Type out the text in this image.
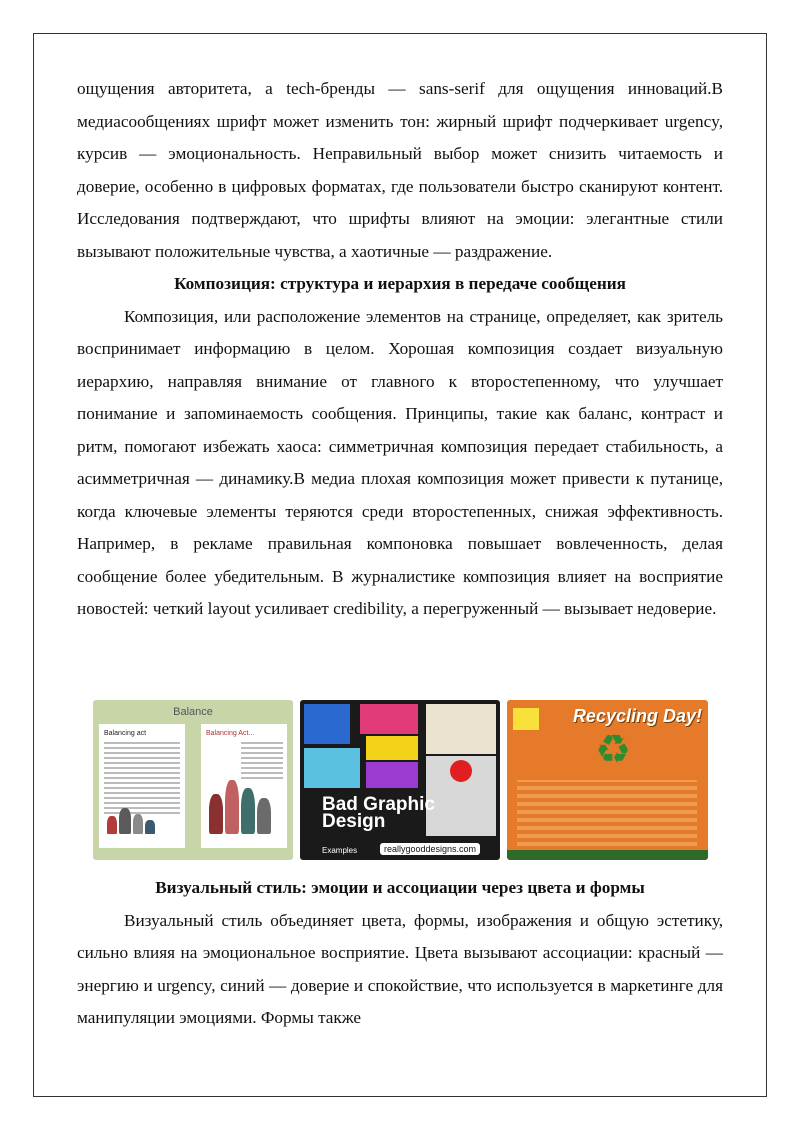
ощущения авторитета, а tech-бренды — sans-serif для ощущения инноваций.В медиасообщениях шрифт может изменить тон: жирный шрифт подчеркивает urgency, курсив — эмоциональность. Неправильный выбор может снизить читаемость и доверие, особенно в цифровых форматах, где пользователи быстро сканируют контент. Исследования подтверждают, что шрифты влияют на эмоции: элегантные стили вызывают положительные чувства, а хаотичные — раздражение.

Композиция: структура и иерархия в передаче сообщения

Композиция, или расположение элементов на странице, определяет, как зритель воспринимает информацию в целом. Хорошая композиция создает визуальную иерархию, направляя внимание от главного к второстепенному, что улучшает понимание и запоминаемость сообщения. Принципы, такие как баланс, контраст и ритм, помогают избежать хаоса: симметричная композиция передает стабильность, а асимметричная — динамику.В медиа плохая композиция может привести к путанице, когда ключевые элементы теряются среди второстепенных, снижая эффективность. Например, в рекламе правильная компоновка повышает вовлеченность, делая сообщение более убедительным. В журналистике композиция влияет на восприятие новостей: четкий layout усиливает credibility, а перегруженный — вызывает недоверие.

Balance
Balancing act	Balancing Act...
Bad Graphic Design
Examples	reallygooddesigns.com
Recycling Day!
♻
Визуальный стиль: эмоции и ассоциации через цвета и формы

Визуальный стиль объединяет цвета, формы, изображения и общую эстетику, сильно влияя на эмоциональное восприятие. Цвета вызывают ассоциации: красный — энергию и urgency, синий — доверие и спокойствие, что используется в маркетинге для манипуляции эмоциями. Формы также
